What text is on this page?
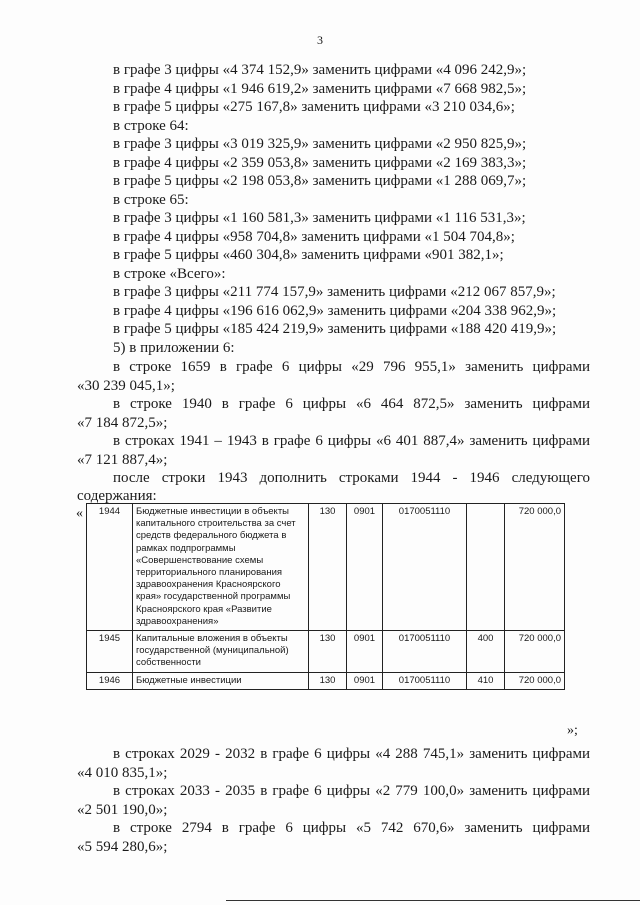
3
в графе 3 цифры «4 374 152,9» заменить цифрами «4 096 242,9»;
в графе 4 цифры «1 946 619,2» заменить цифрами «7 668 982,5»;
в графе 5 цифры «275 167,8» заменить цифрами «3 210 034,6»;
в строке 64:
в графе 3 цифры «3 019 325,9» заменить цифрами «2 950 825,9»;
в графе 4 цифры «2 359 053,8» заменить цифрами «2 169 383,3»;
в графе 5 цифры «2 198 053,8» заменить цифрами «1 288 069,7»;
в строке 65:
в графе 3 цифры «1 160 581,3» заменить цифрами «1 116 531,3»;
в графе 4 цифры «958 704,8» заменить цифрами «1 504 704,8»;
в графе 5 цифры «460 304,8» заменить цифрами «901 382,1»;
в строке «Всего»:
в графе 3 цифры «211 774 157,9» заменить цифрами «212 067 857,9»;
в графе 4 цифры «196 616 062,9» заменить цифрами «204 338 962,9»;
в графе 5 цифры «185 424 219,9» заменить цифрами «188 420 419,9»;
5) в приложении 6:
в строке 1659 в графе 6 цифры «29 796 955,1» заменить цифрами
«30 239 045,1»;
в строке 1940 в графе 6 цифры «6 464 872,5» заменить цифрами
«7 184 872,5»;
в строках 1941 – 1943 в графе 6 цифры «6 401 887,4» заменить цифрами
«7 121 887,4»;
после строки 1943 дополнить строками 1944 - 1946 следующего
содержания:
« 1944	Бюджетные инвестиции в объекты капитального строительства за счет средств федерального бюджета в рамках подпрограммы «Совершенствование схемы территориального планирования здравоохранения Красноярского края» государственной программы Красноярского края «Развитие здравоохранения»	130	0901	0170051110		720 000,0
1945	Капитальные вложения в объекты государственной (муниципальной) собственности	130	0901	0170051110	400	720 000,0
1946	Бюджетные инвестиции	130	0901	0170051110	410	720 000,0
»;
в строках 2029 - 2032 в графе 6 цифры «4 288 745,1» заменить цифрами
«4 010 835,1»;
в строках 2033 - 2035 в графе 6 цифры «2 779 100,0» заменить цифрами
«2 501 190,0»;
в строке 2794 в графе 6 цифры «5 742 670,6» заменить цифрами
«5 594 280,6»;
